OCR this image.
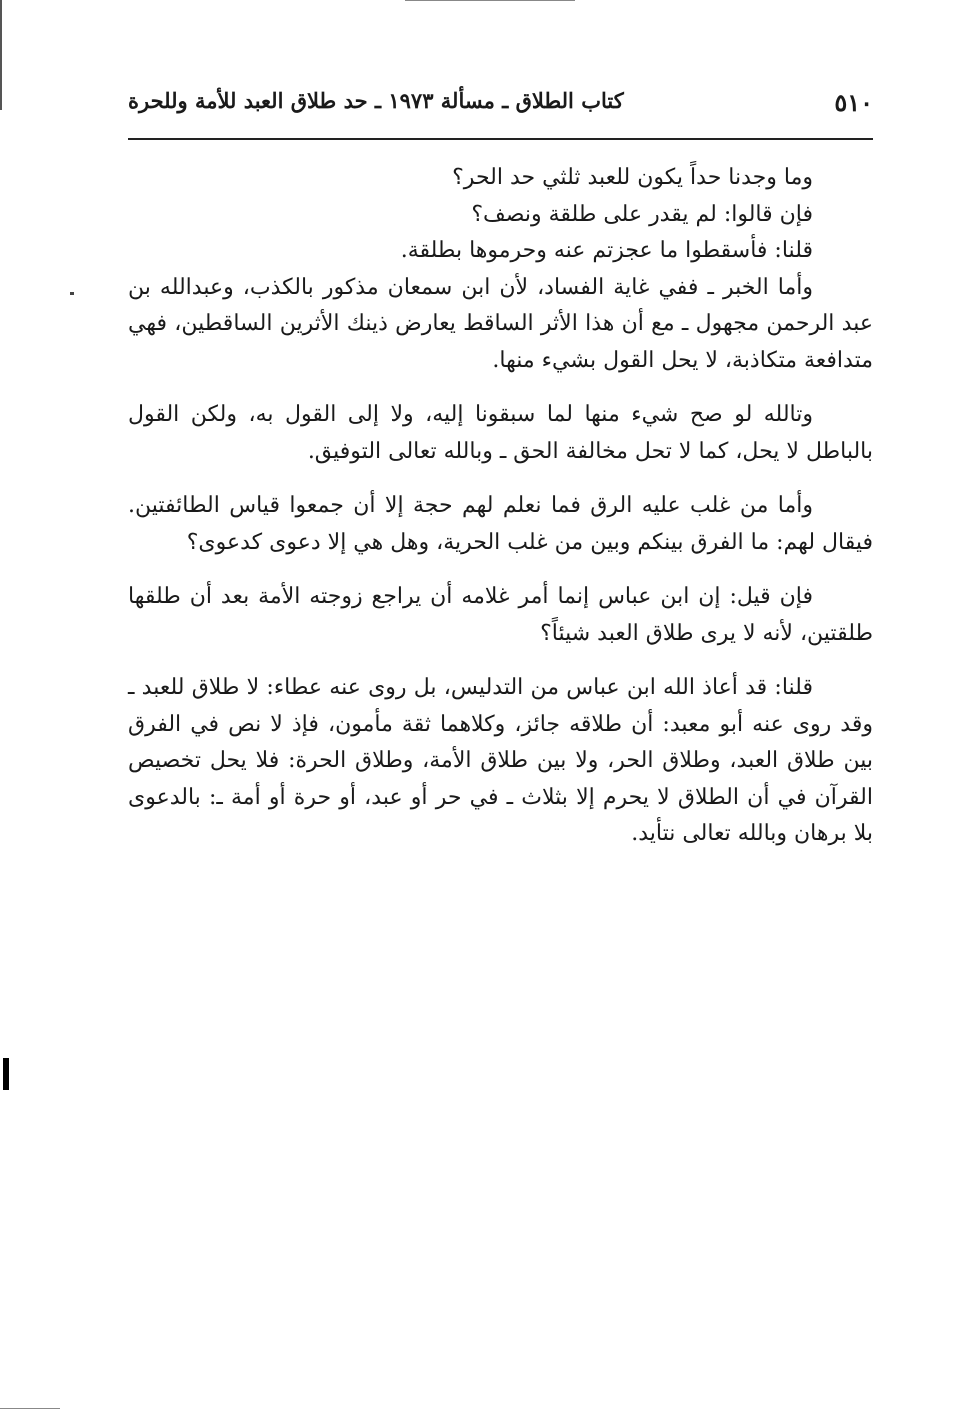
٥١٠
كتاب الطلاق ـ مسألة ١٩٧٣ ـ حد طلاق العبد للأمة وللحرة

وما وجدنا حداً يكون للعبد ثلثي حد الحر؟

فإن قالوا: لم يقدر على طلقة ونصف؟

قلنا: فأسقطوا ما عجزتم عنه وحرموها بطلقة.

وأما الخبر ـ ففي غاية الفساد، لأن ابن سمعان مذكور بالكذب، وعبدالله بن عبد الرحمن مجهول ـ مع أن هذا الأثر الساقط يعارض ذينك الأثرين الساقطين، فهي متدافعة متكاذبة، لا يحل القول بشيء منها.

وتالله لو صح شيء منها لما سبقونا إليه، ولا إلى القول به، ولكن القول بالباطل لا يحل، كما لا تحل مخالفة الحق ـ وبالله تعالى التوفيق.

وأما من غلب عليه الرق فما نعلم لهم حجة إلا أن جمعوا قياس الطائفتين. فيقال لهم: ما الفرق بينكم وبين من غلب الحرية، وهل هي إلا دعوى كدعوى؟

فإن قيل: إن ابن عباس إنما أمر غلامه أن يراجع زوجته الأمة بعد أن طلقها طلقتين، لأنه لا يرى طلاق العبد شيئاً؟

قلنا: قد أعاذ الله ابن عباس من التدليس، بل روى عنه عطاء: لا طلاق للعبد ـ وقد روى عنه أبو معبد: أن طلاقه جائز، وكلاهما ثقة مأمون، فإذ لا نص في الفرق بين طلاق العبد، وطلاق الحر، ولا بين طلاق الأمة، وطلاق الحرة: فلا يحل تخصيص القرآن في أن الطلاق لا يحرم إلا بثلاث ـ في حر أو عبد، أو حرة أو أمة ـ: بالدعوى بلا برهان وبالله تعالى نتأيد.
